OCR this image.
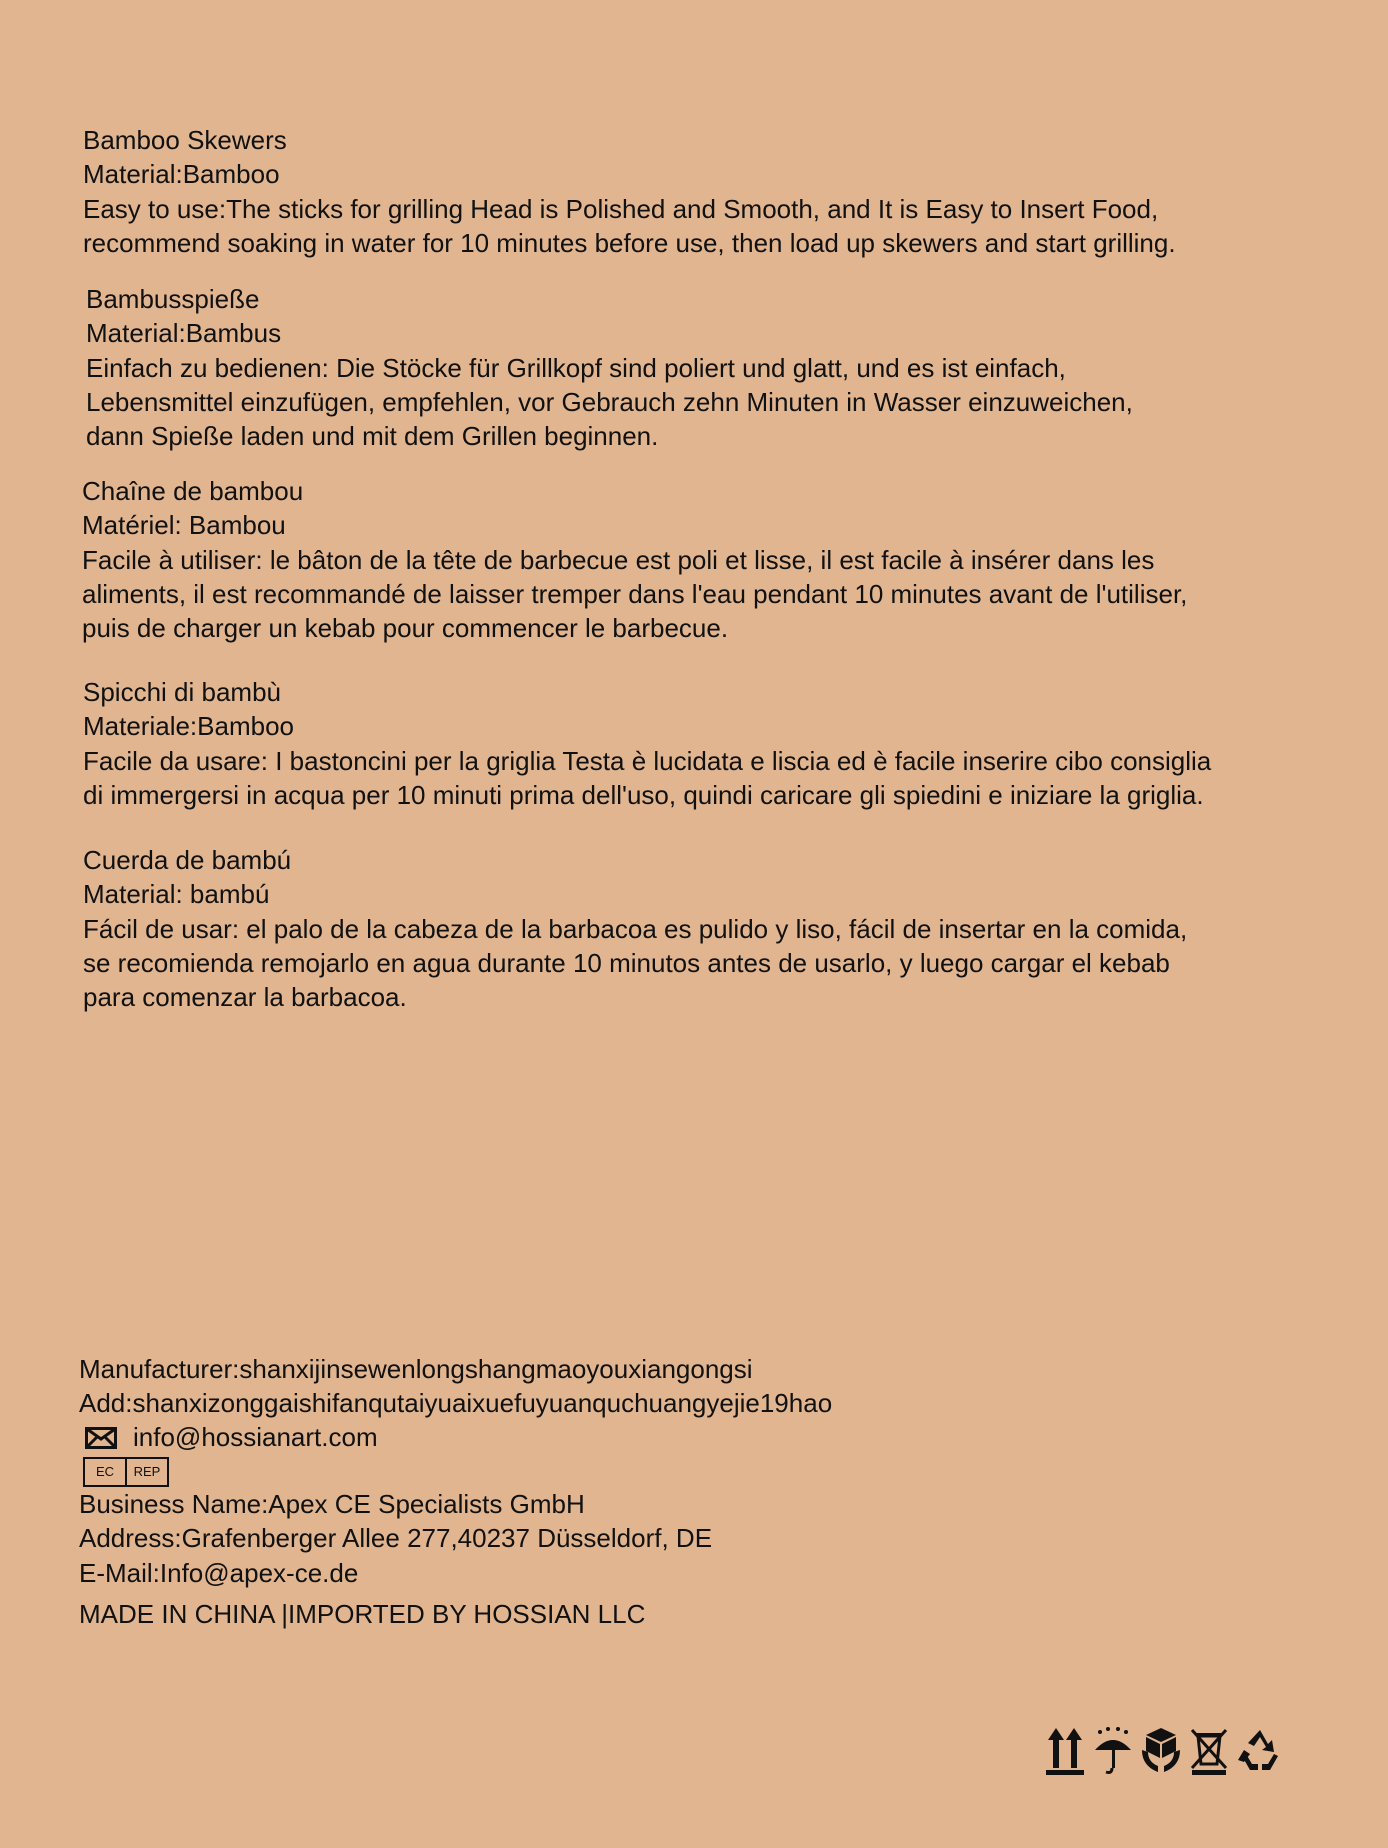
Bamboo Skewers
Material:Bamboo
Easy to use:The sticks for grilling Head is Polished and Smooth, and It is Easy to Insert Food,
recommend soaking in water for 10 minutes before use, then load up skewers and start grilling.
Bambusspieße
Material:Bambus
Einfach zu bedienen: Die Stöcke für Grillkopf sind poliert und glatt, und es ist einfach,
Lebensmittel einzufügen, empfehlen, vor Gebrauch zehn Minuten in Wasser einzuweichen,
dann Spieße laden und mit dem Grillen beginnen.
Chaîne de bambou
Matériel: Bambou
Facile à utiliser: le bâton de la tête de barbecue est poli et lisse, il est facile à insérer dans les
aliments, il est recommandé de laisser tremper dans l'eau pendant 10 minutes avant de l'utiliser,
puis de charger un kebab pour commencer le barbecue.
Spicchi di bambù
Materiale:Bamboo
Facile da usare: I bastoncini per la griglia Testa è lucidata e liscia ed è facile inserire cibo consiglia
di immergersi in acqua per 10 minuti prima dell'uso, quindi caricare gli spiedini e iniziare la griglia.
Cuerda de bambú
Material: bambú
Fácil de usar: el palo de la cabeza de la barbacoa es pulido y liso, fácil de insertar en la comida,
se recomienda remojarlo en agua durante 10 minutos antes de usarlo, y luego cargar el kebab
para comenzar la barbacoa.
Manufacturer:shanxijinsewenlongshangmaoyouxiangongsi
Add:shanxizonggaishifanqutaiyuaixuefuyuanquchuangyejie19hao
info@hossianart.com
EC	REP
Business Name:Apex CE Specialists GmbH
Address:Grafenberger Allee 277,40237 Düsseldorf, DE
E-Mail:Info@apex-ce.de
MADE IN CHINA |IMPORTED BY HOSSIAN LLC
